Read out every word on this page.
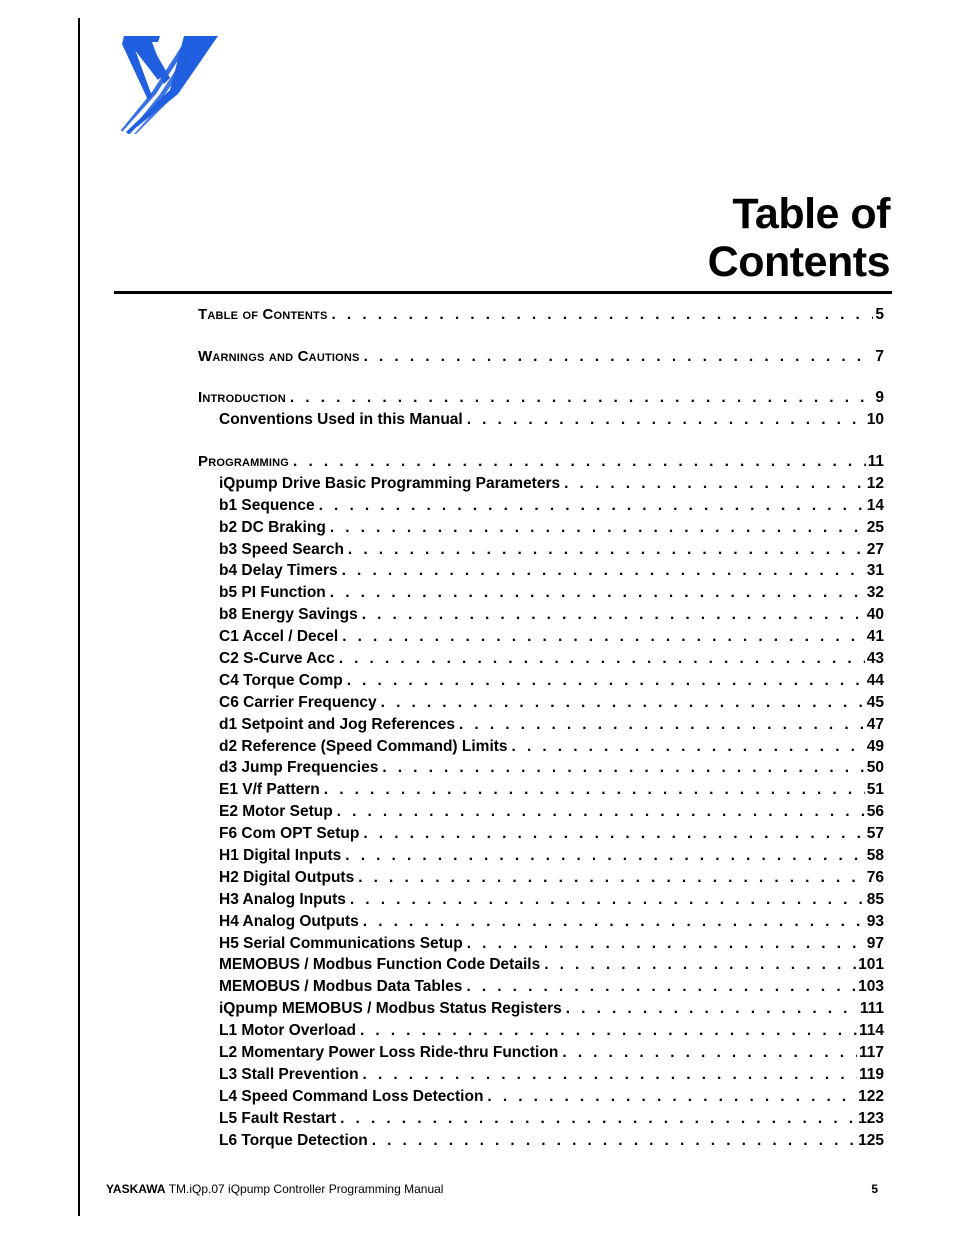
Table of
Contents
Table of Contents . . .	5
Warnings and Cautions . . .	7
Introduction . . .	9
Conventions Used in this Manual . . .	10
Programming . . .	11
iQpump Drive Basic Programming Parameters . . .	12
b1 Sequence . . .	14
b2 DC Braking . . .	25
b3 Speed Search . . .	27
b4 Delay Timers . . .	31
b5 PI Function . . .	32
b8 Energy Savings . . .	40
C1 Accel / Decel . . .	41
C2 S-Curve Acc . . .	43
C4 Torque Comp . . .	44
C6 Carrier Frequency . . .	45
d1 Setpoint and Jog References . . .	47
d2 Reference (Speed Command) Limits . . .	49
d3 Jump Frequencies . . .	50
E1 V/f Pattern . . .	51
E2 Motor Setup . . .	56
F6 Com OPT Setup . . .	57
H1 Digital Inputs . . .	58
H2 Digital Outputs . . .	76
H3 Analog Inputs . . .	85
H4 Analog Outputs . . .	93
H5 Serial Communications Setup . . .	97
MEMOBUS / Modbus Function Code Details . . .	101
MEMOBUS / Modbus Data Tables . . .	103
iQpump MEMOBUS / Modbus Status Registers . . .	111
L1 Motor Overload . . .	114
L2 Momentary Power Loss Ride-thru Function . . .	117
L3 Stall Prevention . . .	119
L4 Speed Command Loss Detection . . .	122
L5 Fault Restart . . .	123
L6 Torque Detection . . .	125
YASKAWA TM.iQp.07 iQpump Controller Programming Manual	5
